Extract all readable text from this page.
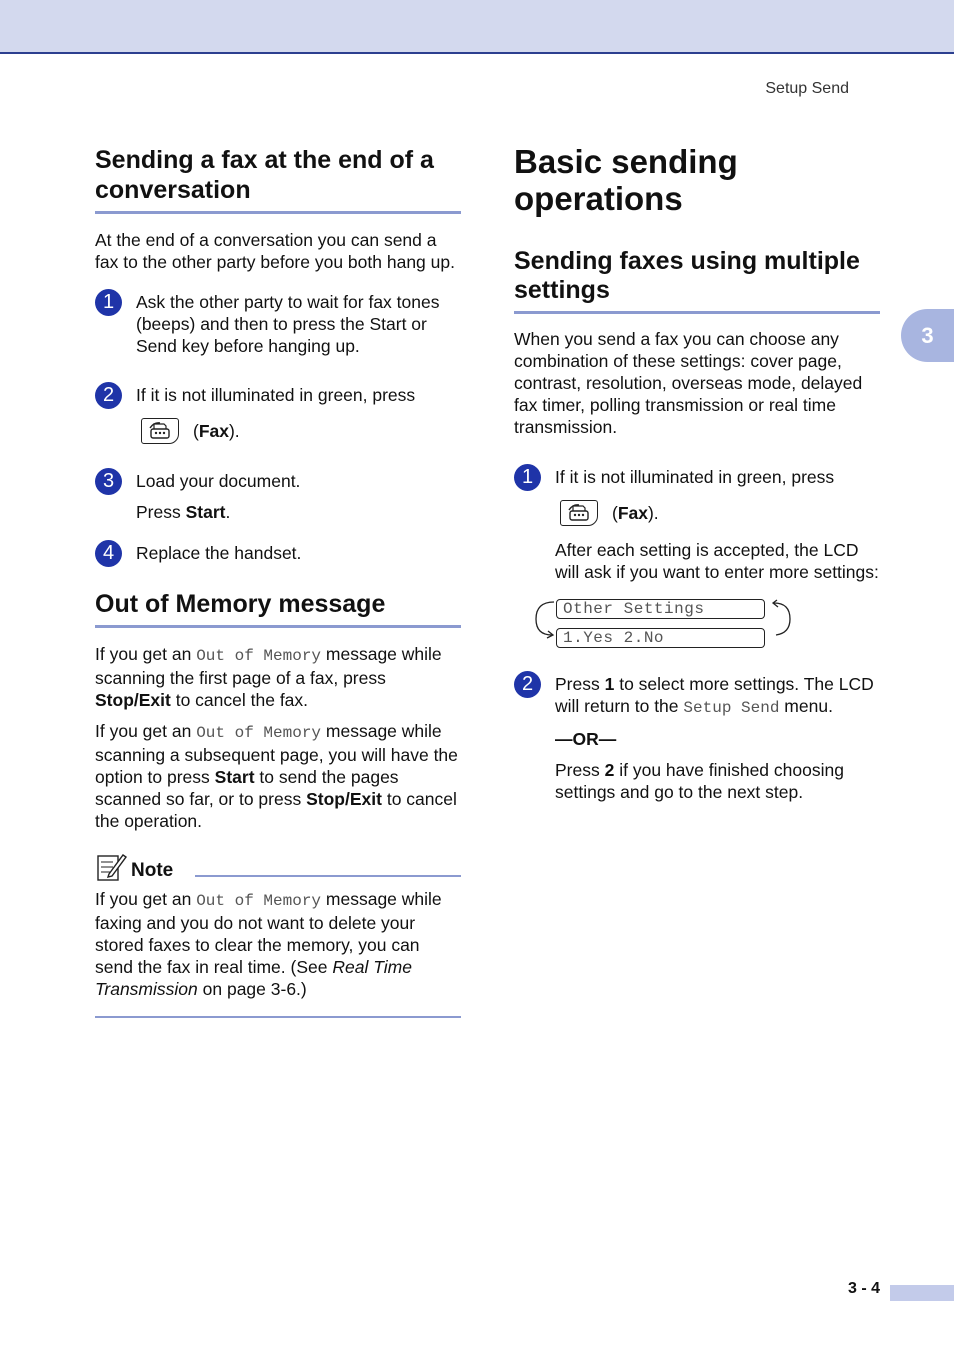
Setup Send
3
Sending a fax at the end of a
conversation

At the end of a conversation you can send a fax to the other party before you both hang up.

1	Ask the other party to wait for fax tones (beeps) and then to press the Start or Send key before hanging up.

2	If it is not illuminated in green, press

(Fax).

3	Load your document.

Press Start.

4	Replace the handset.

Out of Memory message

If you get an Out of Memory message while scanning the first page of a fax, press Stop/Exit to cancel the fax.

If you get an Out of Memory message while scanning a subsequent page, you will have the option to press Start to send the pages scanned so far, or to press Stop/Exit to cancel the operation.

Note

If you get an Out of Memory message while faxing and you do not want to delete your stored faxes to clear the memory, you can send the fax in real time. (See Real Time Transmission on page 3-6.)

Basic sending
operations
Sending faxes using multiple
settings

When you send a fax you can choose any combination of these settings: cover page, contrast, resolution, overseas mode, delayed fax timer, polling transmission or real time transmission.

1	If it is not illuminated in green, press

(Fax).

After each setting is accepted, the LCD will ask if you want to enter more settings:

Other Settings
1.Yes 2.No
2	Press 1 to select more settings. The LCD will return to the Setup Send menu.

—OR—

Press 2 if you have finished choosing settings and go to the next step.

3 - 4
